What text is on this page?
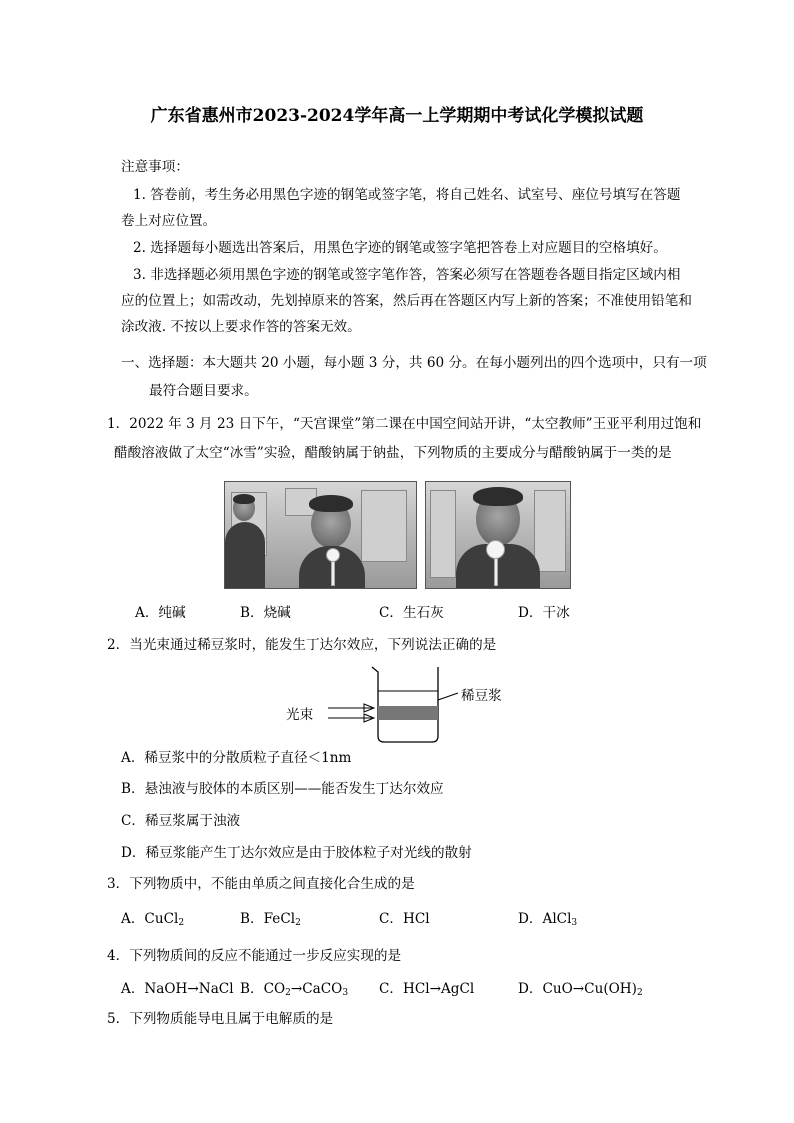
广东省惠州市2023-2024学年高一上学期期中考试化学模拟试题
注意事项：
1. 答卷前，考生务必用黑色字迹的钢笔或签字笔，将自己姓名、试室号、座位号填写在答题
卷上对应位置。
2. 选择题每小题选出答案后，用黑色字迹的钢笔或签字笔把答卷上对应题目的空格填好。
3. 非选择题必须用黑色字迹的钢笔或签字笔作答，答案必须写在答题卷各题目指定区域内相
应的位置上；如需改动，先划掉原来的答案，然后再在答题区内写上新的答案；不准使用铅笔和
涂改液. 不按以上要求作答的答案无效。
一、选择题：本大题共 20 小题，每小题 3 分，共 60 分。在每小题列出的四个选项中，只有一项
最符合题目要求。
1．2022 年 3 月 23 日下午，“天宫课堂”第二课在中国空间站开讲，“太空教师”王亚平利用过饱和
醋酸溶液做了太空“冰雪”实验，醋酸钠属于钠盐，下列物质的主要成分与醋酸钠属于一类的是
A．纯碱	B．烧碱	C．生石灰	D．干冰
2．当光束通过稀豆浆时，能发生丁达尔效应，下列说法正确的是
光束
稀豆浆
A．稀豆浆中的分散质粒子直径＜1nm
B．悬浊液与胶体的本质区别——能否发生丁达尔效应
C．稀豆浆属于浊液
D．稀豆浆能产生丁达尔效应是由于胶体粒子对光线的散射
3．下列物质中，不能由单质之间直接化合生成的是
A．CuCl$_2$	B．FeCl$_2$	C．HCl	D．AlCl$_3$
4．下列物质间的反应不能通过一步反应实现的是
A．NaOH→NaCl B．$CO_2\to CaCO_3$ C．HCl→AgCl	D．$CuO\to Cu(OH)_2$
5．下列物质能导电且属于电解质的是
